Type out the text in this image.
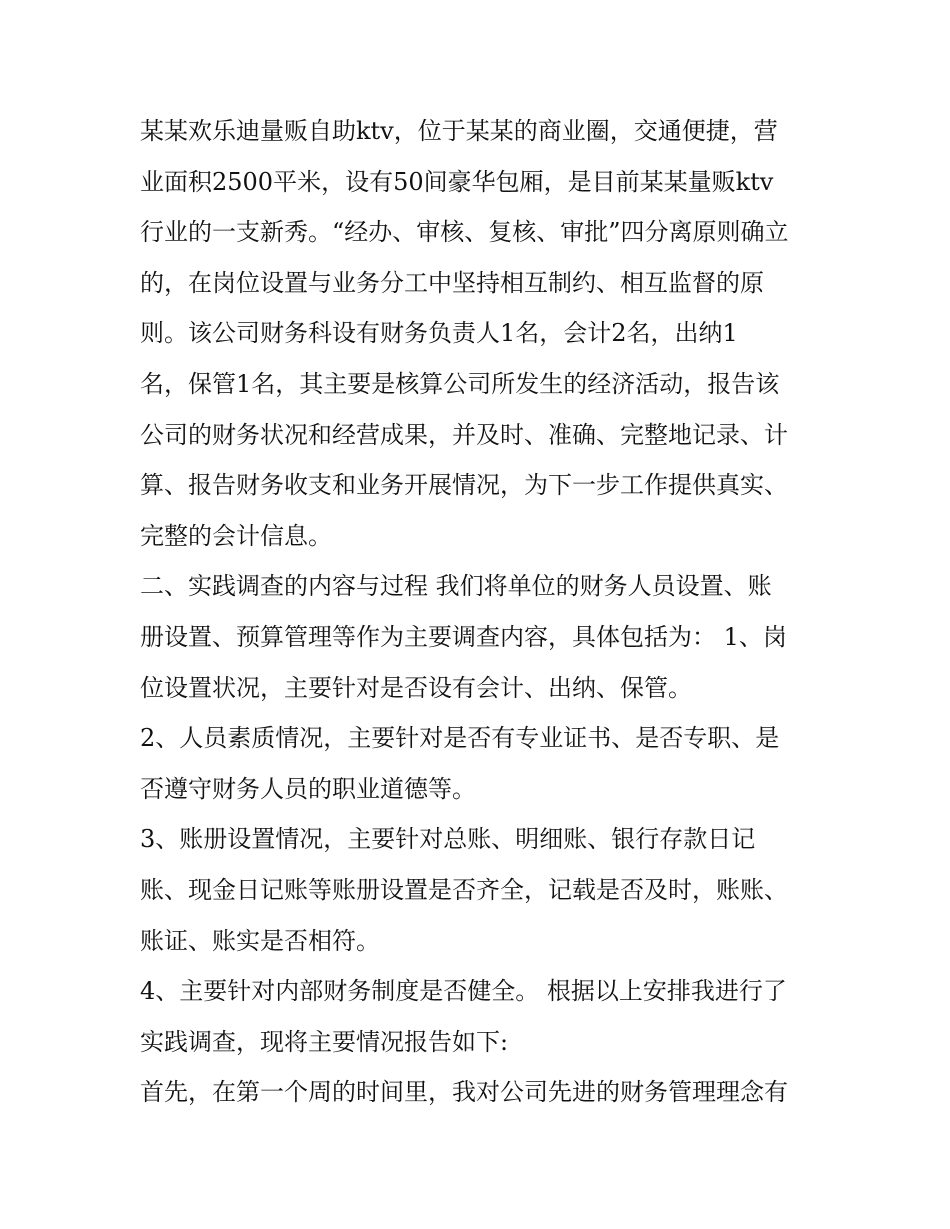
某某欢乐迪量贩自助ktv，位于某某的商业圈，交通便捷，营
业面积2500平米，设有50间豪华包厢，是目前某某量贩ktv
行业的一支新秀。“经办、审核、复核、审批”四分离原则确立
的，在岗位设置与业务分工中坚持相互制约、相互监督的原
则。该公司财务科设有财务负责人1名，会计2名，出纳1
名，保管1名，其主要是核算公司所发生的经济活动，报告该
公司的财务状况和经营成果，并及时、准确、完整地记录、计
算、报告财务收支和业务开展情况，为下一步工作提供真实、
完整的会计信息。
二、实践调查的内容与过程 我们将单位的财务人员设置、账
册设置、预算管理等作为主要调查内容，具体包括为： 1、岗
位设置状况，主要针对是否设有会计、出纳、保管。
2、人员素质情况，主要针对是否有专业证书、是否专职、是
否遵守财务人员的职业道德等。
3、账册设置情况，主要针对总账、明细账、银行存款日记
账、现金日记账等账册设置是否齐全，记载是否及时，账账、
账证、账实是否相符。
4、主要针对内部财务制度是否健全。 根据以上安排我进行了
实践调查，现将主要情况报告如下:
首先，在第一个周的时间里，我对公司先进的财务管理理念有
